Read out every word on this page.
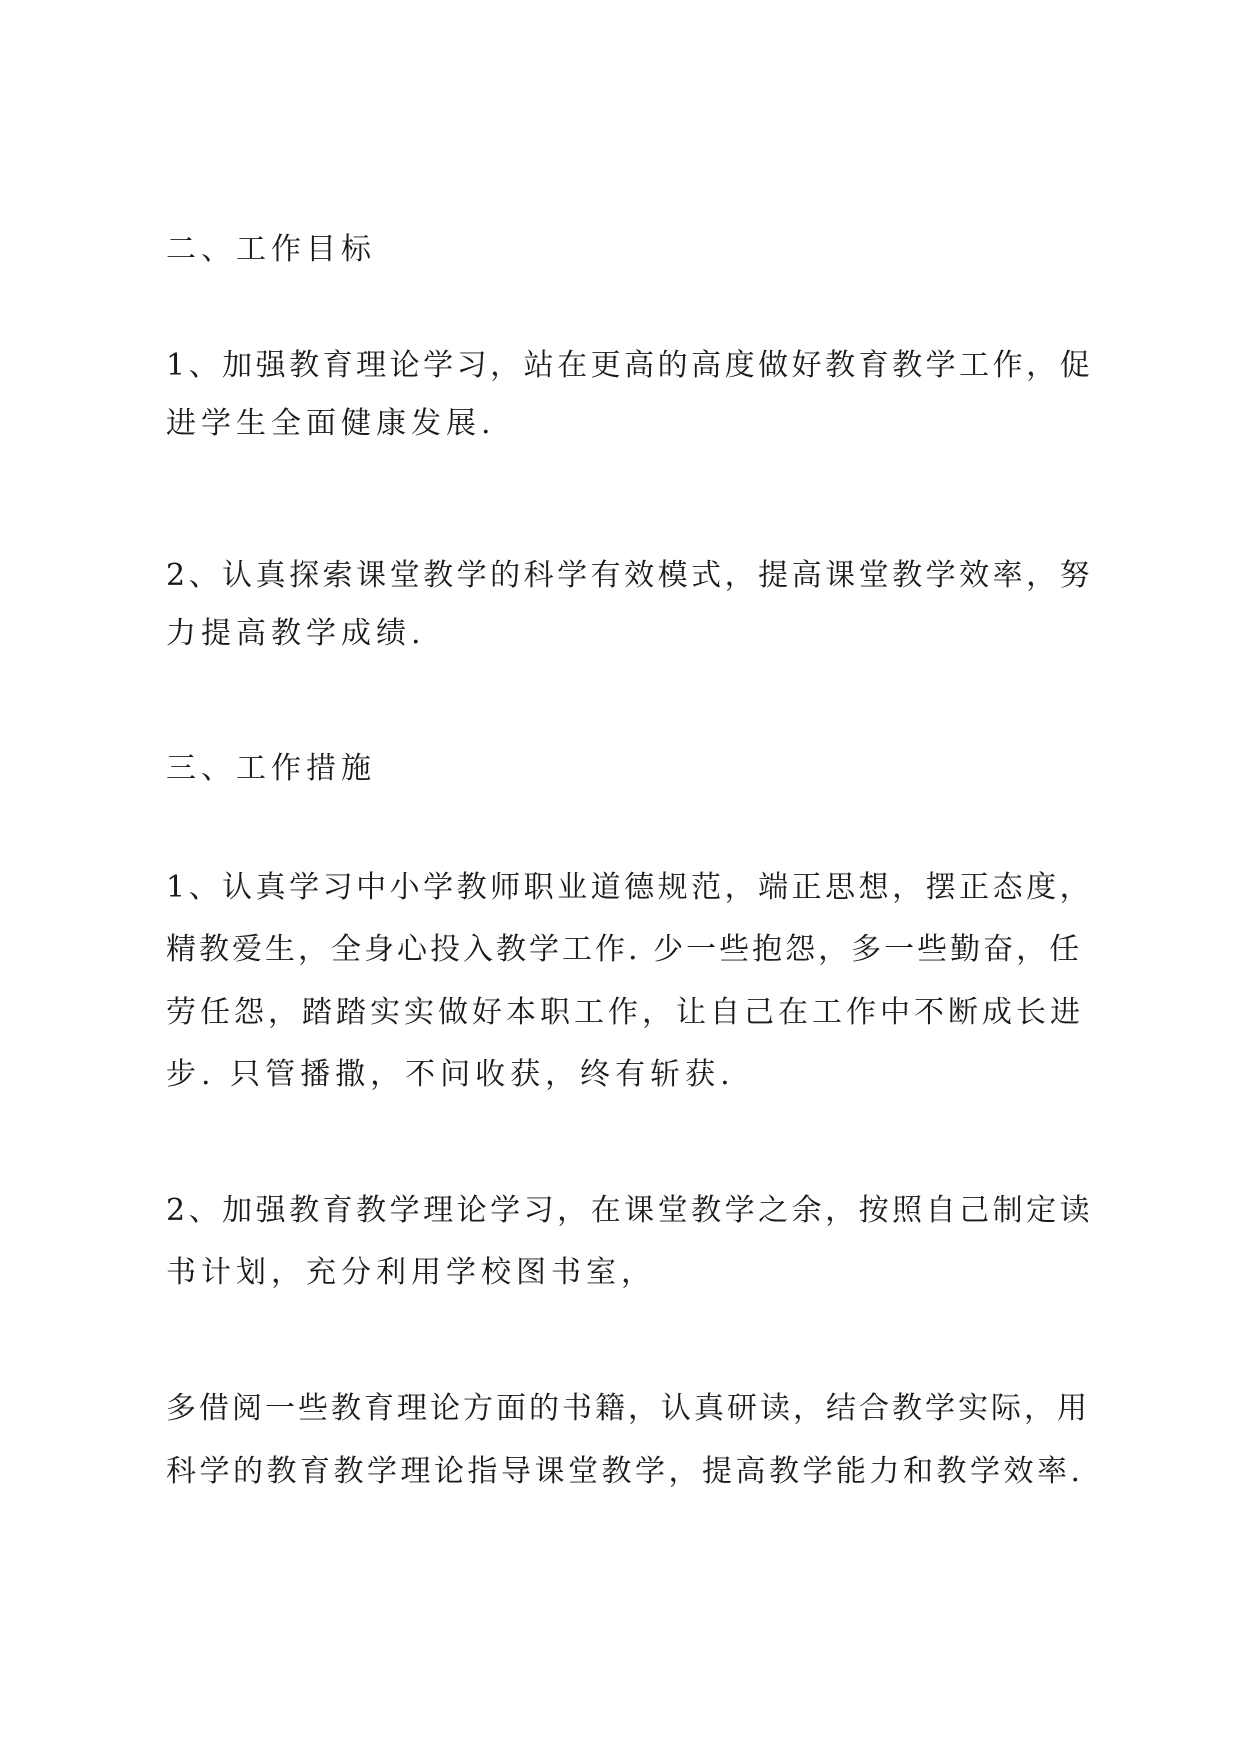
二、工作目标
1、加强教育理论学习，站在更高的高度做好教育教学工作，促
进学生全面健康发展.
2、认真探索课堂教学的科学有效模式，提高课堂教学效率，努
力提高教学成绩.
三、工作措施
1、认真学习中小学教师职业道德规范，端正思想，摆正态度，
精教爱生，全身心投入教学工作. 少一些抱怨，多一些勤奋，任
劳任怨，踏踏实实做好本职工作，让自己在工作中不断成长进
步. 只管播撒，不问收获，终有斩获.
2、加强教育教学理论学习，在课堂教学之余，按照自己制定读
书计划，充分利用学校图书室，
多借阅一些教育理论方面的书籍，认真研读，结合教学实际，用
科学的教育教学理论指导课堂教学，提高教学能力和教学效率.
